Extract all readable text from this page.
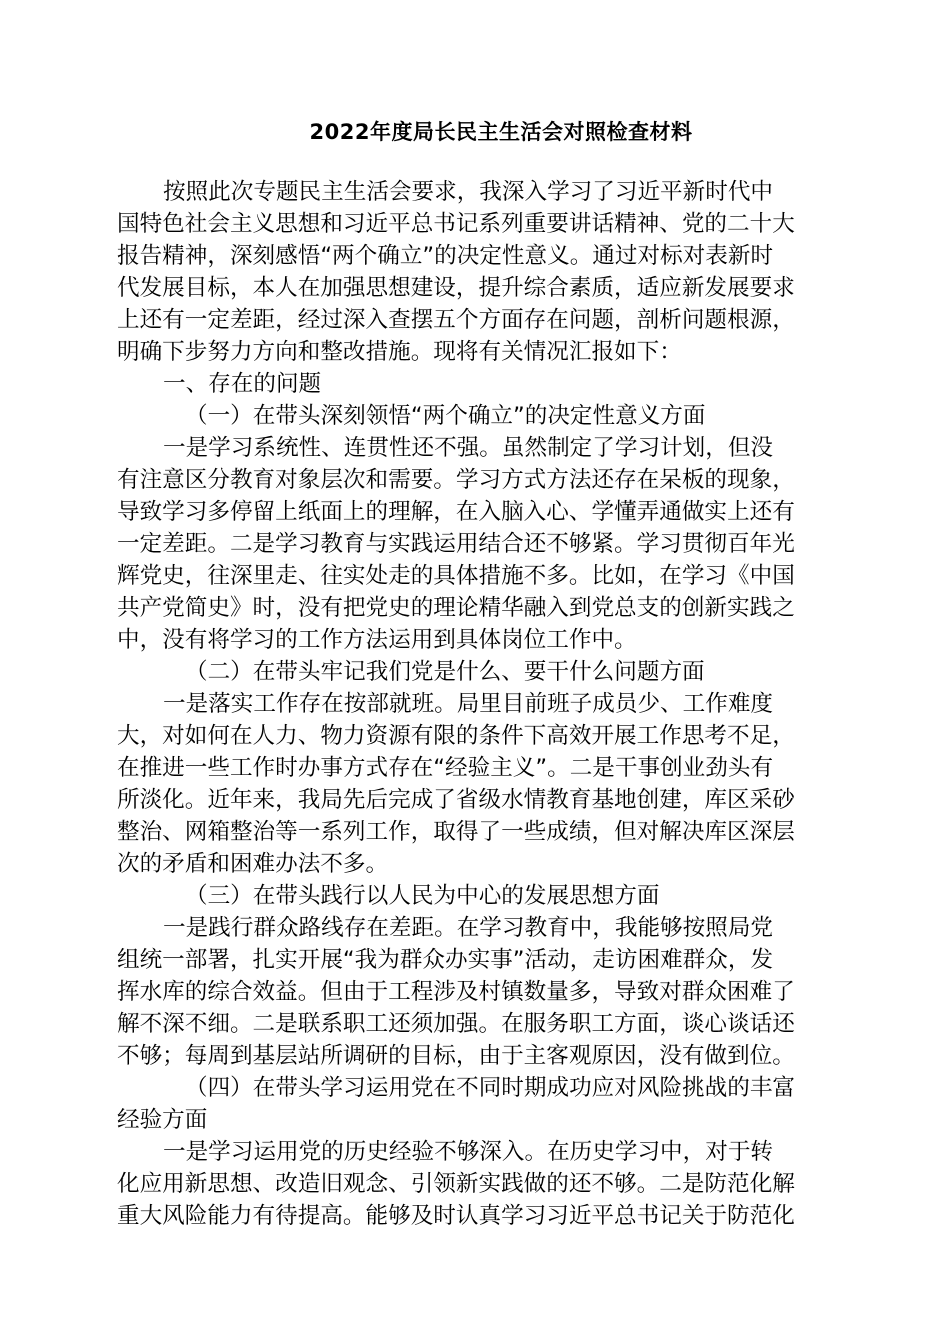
2022年度局长民主生活会对照检查材料
按照此次专题民主生活会要求，我深入学习了习近平新时代中
国特色社会主义思想和习近平总书记系列重要讲话精神、党的二十大
报告精神，深刻感悟“两个确立”的决定性意义。通过对标对表新时
代发展目标，本人在加强思想建设，提升综合素质，适应新发展要求
上还有一定差距，经过深入查摆五个方面存在问题，剖析问题根源，
明确下步努力方向和整改措施。现将有关情况汇报如下：
一、存在的问题
（一）在带头深刻领悟“两个确立”的决定性意义方面
一是学习系统性、连贯性还不强。虽然制定了学习计划，但没
有注意区分教育对象层次和需要。学习方式方法还存在呆板的现象，
导致学习多停留上纸面上的理解，在入脑入心、学懂弄通做实上还有
一定差距。二是学习教育与实践运用结合还不够紧。学习贯彻百年光
辉党史，往深里走、往实处走的具体措施不多。比如，在学习《中国
共产党简史》时，没有把党史的理论精华融入到党总支的创新实践之
中，没有将学习的工作方法运用到具体岗位工作中。
（二）在带头牢记我们党是什么、要干什么问题方面
一是落实工作存在按部就班。局里目前班子成员少、工作难度
大，对如何在人力、物力资源有限的条件下高效开展工作思考不足，
在推进一些工作时办事方式存在“经验主义”。二是干事创业劲头有
所淡化。近年来，我局先后完成了省级水情教育基地创建，库区采砂
整治、网箱整治等一系列工作，取得了一些成绩，但对解决库区深层
次的矛盾和困难办法不多。
（三）在带头践行以人民为中心的发展思想方面
一是践行群众路线存在差距。在学习教育中，我能够按照局党
组统一部署，扎实开展“我为群众办实事”活动，走访困难群众，发
挥水库的综合效益。但由于工程涉及村镇数量多，导致对群众困难了
解不深不细。二是联系职工还须加强。在服务职工方面，谈心谈话还
不够；每周到基层站所调研的目标，由于主客观原因，没有做到位。
（四）在带头学习运用党在不同时期成功应对风险挑战的丰富
经验方面
一是学习运用党的历史经验不够深入。在历史学习中，对于转
化应用新思想、改造旧观念、引领新实践做的还不够。二是防范化解
重大风险能力有待提高。能够及时认真学习习近平总书记关于防范化
